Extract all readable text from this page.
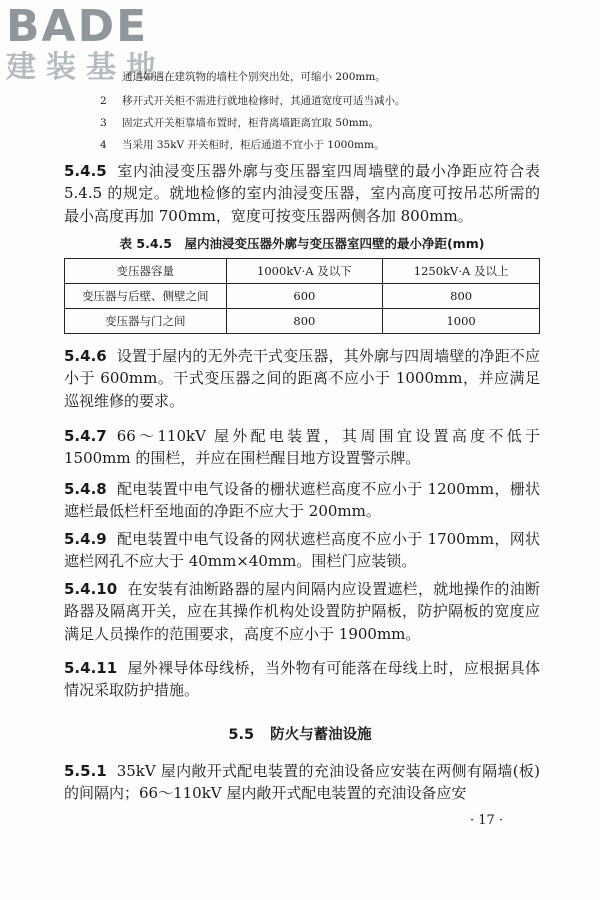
BADE
建装基地
通道如遇在建筑物的墙柱个别突出处，可缩小 200mm。
2 移开式开关柜不需进行就地检修时，其通道宽度可适当减小。
3 固定式开关柜靠墙布置时，柜背离墙距离宜取 50mm。
4 当采用 35kV 开关柜时，柜后通道不宜小于 1000mm。
5.4.5 室内油浸变压器外廓与变压器室四周墙壁的最小净距应符合表 5.4.5 的规定。就地检修的室内油浸变压器，室内高度可按吊芯所需的最小高度再加 700mm，宽度可按变压器两侧各加 800mm。
表 5.4.5　屋内油浸变压器外廓与变压器室四壁的最小净距(mm)
变压器容量	1000kV·A 及以下	1250kV·A 及以上
变压器与后壁、侧壁之间	600	800
变压器与门之间	800	1000
5.4.6 设置于屋内的无外壳干式变压器，其外廓与四周墙壁的净距不应小于 600mm。干式变压器之间的距离不应小于 1000mm，并应满足巡视维修的要求。
5.4.7 66～110kV 屋外配电装置，其周围宜设置高度不低于 1500mm 的围栏，并应在围栏醒目地方设置警示牌。
5.4.8 配电装置中电气设备的栅状遮栏高度不应小于 1200mm，栅状遮栏最低栏杆至地面的净距不应大于 200mm。
5.4.9 配电装置中电气设备的网状遮栏高度不应小于 1700mm，网状遮栏网孔不应大于 40mm×40mm。围栏门应装锁。
5.4.10 在安装有油断路器的屋内间隔内应设置遮栏，就地操作的油断路器及隔离开关，应在其操作机构处设置防护隔板，防护隔板的宽度应满足人员操作的范围要求，高度不应小于 1900mm。
5.4.11 屋外裸导体母线桥，当外物有可能落在母线上时，应根据具体情况采取防护措施。
5.5 防火与蓄油设施
5.5.1 35kV 屋内敞开式配电装置的充油设备应安装在两侧有隔墙(板)的间隔内；66～110kV 屋内敞开式配电装置的充油设备应安
· 17 ·
